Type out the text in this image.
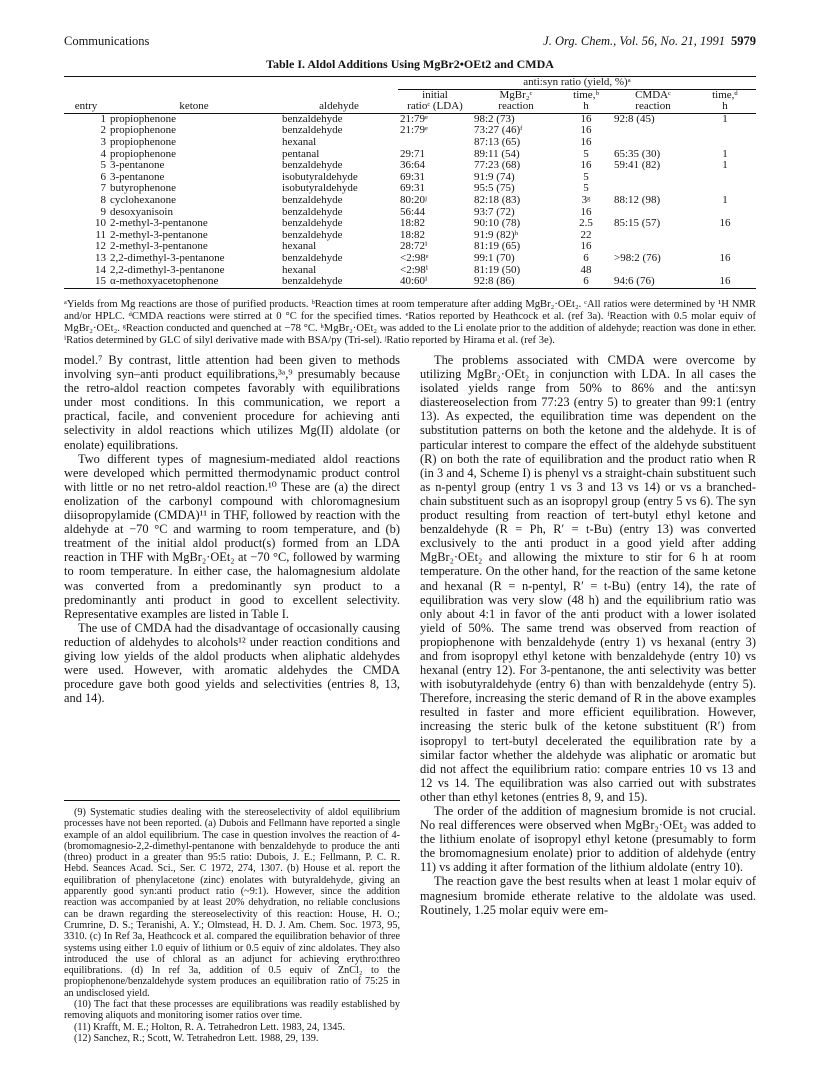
Communications	J. Org. Chem., Vol. 56, No. 21, 1991 5979
Table I. Aldol Additions Using MgBr2•OEt2 and CMDA

			anti:syn ratio (yield, %)ᵃ				
			initial	MgBr₂ᶜ	time,ᵇ	CMDAᶜ	time,ᵈ
entry	ketone	aldehyde	ratioᶜ (LDA)	reaction	h	reaction	h

1	propiophenone	benzaldehyde	21:79ᵉ	98:2 (73)	16	92:8 (45)	1
2	propiophenone	benzaldehyde	21:79ᵉ	73:27 (46)ᶠ	16		
3	propiophenone	hexanal		87:13 (65)	16		
4	propiophenone	pentanal	29:71	89:11 (54)	5	65:35 (30)	1
5	3-pentanone	benzaldehyde	36:64	77:23 (68)	16	59:41 (82)	1
6	3-pentanone	isobutyraldehyde	69:31	91:9 (74)	5		
7	butyrophenone	isobutyraldehyde	69:31	95:5 (75)	5		
8	cyclohexanone	benzaldehyde	80:20ʲ	82:18 (83)	3ᵍ	88:12 (98)	1
9	desoxyanisoin	benzaldehyde	56:44	93:7 (72)	16		
10	2-methyl-3-pentanone	benzaldehyde	18:82	90:10 (78)	2.5	85:15 (57)	16
11	2-methyl-3-pentanone	benzaldehyde	18:82	91:9 (82)ʰ	22		
12	2-methyl-3-pentanone	hexanal	28:72ⁱ	81:19 (65)	16		
13	2,2-dimethyl-3-pentanone	benzaldehyde	<2:98ᵉ	99:1 (70)	6	>98:2 (76)	16
14	2,2-dimethyl-3-pentanone	hexanal	<2:98ⁱ	81:19 (50)	48		
15	α-methoxyacetophenone	benzaldehyde	40:60ⁱ	92:8 (86)	6	94:6 (76)	16

ᵃYields from Mg reactions are those of purified products. ᵇReaction times at room temperature after adding MgBr₂·OEt₂. ᶜAll ratios were determined by ¹H NMR and/or HPLC. ᵈCMDA reactions were stirred at 0 °C for the specified times. ᵉRatios reported by Heathcock et al. (ref 3a). ᶠReaction with 0.5 molar equiv of MgBr₂·OEt₂. ᵍReaction conducted and quenched at −78 °C. ʰMgBr₂·OEt₂ was added to the Li enolate prior to the addition of aldehyde; reaction was done in ether. ⁱRatios determined by GLC of silyl derivative made with BSA/py (Tri-sel). ʲRatio reported by Hirama et al. (ref 3e).

model.⁷ By contrast, little attention had been given to methods involving syn–anti product equilibrations,³ᵃ,⁹ presumably because the retro-aldol reaction competes favorably with equilibrations under most conditions. In this communication, we report a practical, facile, and convenient procedure for achieving anti selectivity in aldol reactions which utilizes Mg(II) aldolate (or enolate) equilibrations.

Two different types of magnesium-mediated aldol reactions were developed which permitted thermodynamic product control with little or no net retro-aldol reaction.¹⁰ These are (a) the direct enolization of the carbonyl compound with chloromagnesium diisopropylamide (CMDA)¹¹ in THF, followed by reaction with the aldehyde at −70 °C and warming to room temperature, and (b) treatment of the initial aldol product(s) formed from an LDA reaction in THF with MgBr₂·OEt₂ at −70 °C, followed by warming to room temperature. In either case, the halomagnesium aldolate was converted from a predominantly syn product to a predominantly anti product in good to excellent selectivity. Representative examples are listed in Table I.

The use of CMDA had the disadvantage of occasionally causing reduction of aldehydes to alcohols¹² under reaction conditions and giving low yields of the aldol products when aliphatic aldehydes were used. However, with aromatic aldehydes the CMDA procedure gave both good yields and selectivities (entries 8, 13, and 14).

(9) Systematic studies dealing with the stereoselectivity of aldol equilibrium processes have not been reported. (a) Dubois and Fellmann have reported a single example of an aldol equilibrium. The case in question involves the reaction of 4-(bromomagnesio-2,2-dimethyl-pentanone with benzaldehyde to produce the anti (threo) product in a greater than 95:5 ratio: Dubois, J. E.; Fellmann, P. C. R. Hebd. Seances Acad. Sci., Ser. C 1972, 274, 1307. (b) House et al. report the equilibration of phenylacetone (zinc) enolates with butyraldehyde, giving an apparently good syn:anti product ratio (~9:1). However, since the addition reaction was accompanied by at least 20% dehydration, no reliable conclusions can be drawn regarding the stereoselectivity of this reaction: House, H. O.; Crumrine, D. S.; Teranishi, A. Y.; Olmstead, H. D. J. Am. Chem. Soc. 1973, 95, 3310. (c) In Ref 3a, Heathcock et al. compared the equilibration behavior of three systems using either 1.0 equiv of lithium or 0.5 equiv of zinc aldolates. They also introduced the use of chloral as an adjunct for achieving erythro:threo equilibrations. (d) In ref 3a, addition of 0.5 equiv of ZnCl₂ to the propiophenone/benzaldehyde system produces an equilibration ratio of 75:25 in an undisclosed yield.

(10) The fact that these processes are equilibrations was readily established by removing aliquots and monitoring isomer ratios over time.

(11) Krafft, M. E.; Holton, R. A. Tetrahedron Lett. 1983, 24, 1345.

(12) Sanchez, R.; Scott, W. Tetrahedron Lett. 1988, 29, 139.

The problems associated with CMDA were overcome by utilizing MgBr₂·OEt₂ in conjunction with LDA. In all cases the isolated yields range from 50% to 86% and the anti:syn diastereoselection from 77:23 (entry 5) to greater than 99:1 (entry 13). As expected, the equilibration time was dependent on the substitution patterns on both the ketone and the aldehyde. It is of particular interest to compare the effect of the aldehyde substituent (R) on both the rate of equilibration and the product ratio when R (in 3 and 4, Scheme I) is phenyl vs a straight-chain substituent such as n-pentyl group (entry 1 vs 3 and 13 vs 14) or vs a branched-chain substituent such as an isopropyl group (entry 5 vs 6). The syn product resulting from reaction of tert-butyl ethyl ketone and benzaldehyde (R = Ph, R′ = t-Bu) (entry 13) was converted exclusively to the anti product in a good yield after adding MgBr₂·OEt₂ and allowing the mixture to stir for 6 h at room temperature. On the other hand, for the reaction of the same ketone and hexanal (R = n-pentyl, R′ = t-Bu) (entry 14), the rate of equilibration was very slow (48 h) and the equilibrium ratio was only about 4:1 in favor of the anti product with a lower isolated yield of 50%. The same trend was observed from reaction of propiophenone with benzaldehyde (entry 1) vs hexanal (entry 3) and from isopropyl ethyl ketone with benzaldehyde (entry 10) vs hexanal (entry 12). For 3-pentanone, the anti selectivity was better with isobutyraldehyde (entry 6) than with benzaldehyde (entry 5). Therefore, increasing the steric demand of R in the above examples resulted in faster and more efficient equilibration. However, increasing the steric bulk of the ketone substituent (R′) from isopropyl to tert-butyl decelerated the equilibration rate by a similar factor whether the aldehyde was aliphatic or aromatic but did not affect the equilibrium ratio: compare entries 10 vs 13 and 12 vs 14. The equilibration was also carried out with substrates other than ethyl ketones (entries 8, 9, and 15).

The order of the addition of magnesium bromide is not crucial. No real differences were observed when MgBr₂·OEt₂ was added to the lithium enolate of isopropyl ethyl ketone (presumably to form the bromomagnesium enolate) prior to addition of aldehyde (entry 11) vs adding it after formation of the lithium aldolate (entry 10).

The reaction gave the best results when at least 1 molar equiv of magnesium bromide etherate relative to the aldolate was used. Routinely, 1.25 molar equiv were em-
